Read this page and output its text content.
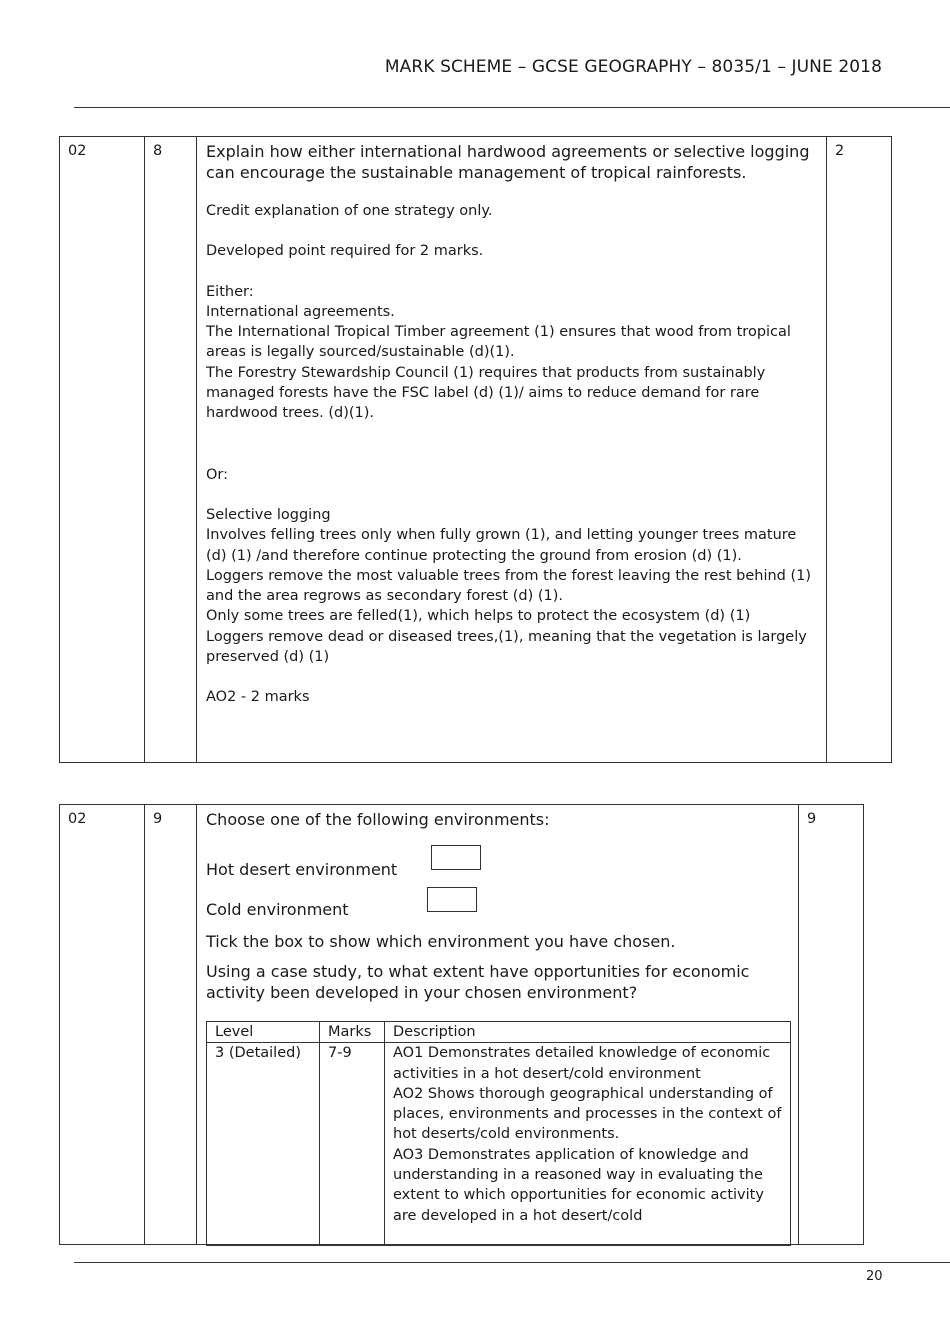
MARK SCHEME – GCSE GEOGRAPHY – 8035/1 – JUNE 2018
02	8	Explain how either international hardwood agreements or selective logging can encourage the sustainable management of tropical rainforests.

Credit explanation of one strategy only.

Developed point required for 2 marks.

Either:

International agreements.

The International Tropical Timber agreement (1) ensures that wood from tropical areas is legally sourced/sustainable (d)(1).

The Forestry Stewardship Council (1) requires that products from sustainably managed forests have the FSC label (d) (1)/ aims to reduce demand for rare hardwood trees. (d)(1).

Or:

Selective logging

Involves felling trees only when fully grown (1), and letting younger trees mature (d) (1) /and therefore continue protecting the ground from erosion (d) (1).

Loggers remove the most valuable trees from the forest leaving the rest behind (1) and the area regrows as secondary forest (d) (1).

Only some trees are felled(1), which helps to protect the ecosystem (d) (1)

Loggers remove dead or diseased trees,(1), meaning that the vegetation is largely preserved (d) (1)

AO2 - 2 marks

2
02	9	Choose one of the following environments:

Hot desert environment

Cold environment

Tick the box to show which environment you have chosen.

Using a case study, to what extent have opportunities for economic activity been developed in your chosen environment?

Level	Marks	Description
3 (Detailed)	7-9	AO1 Demonstrates detailed knowledge of economic activities in a hot desert/cold environment
AO2 Shows thorough geographical understanding of places, environments and processes in the context of hot deserts/cold environments.
AO3 Demonstrates application of knowledge and understanding in a reasoned way in evaluating the extent to which opportunities for economic activity are developed in a hot desert/cold
9
20
